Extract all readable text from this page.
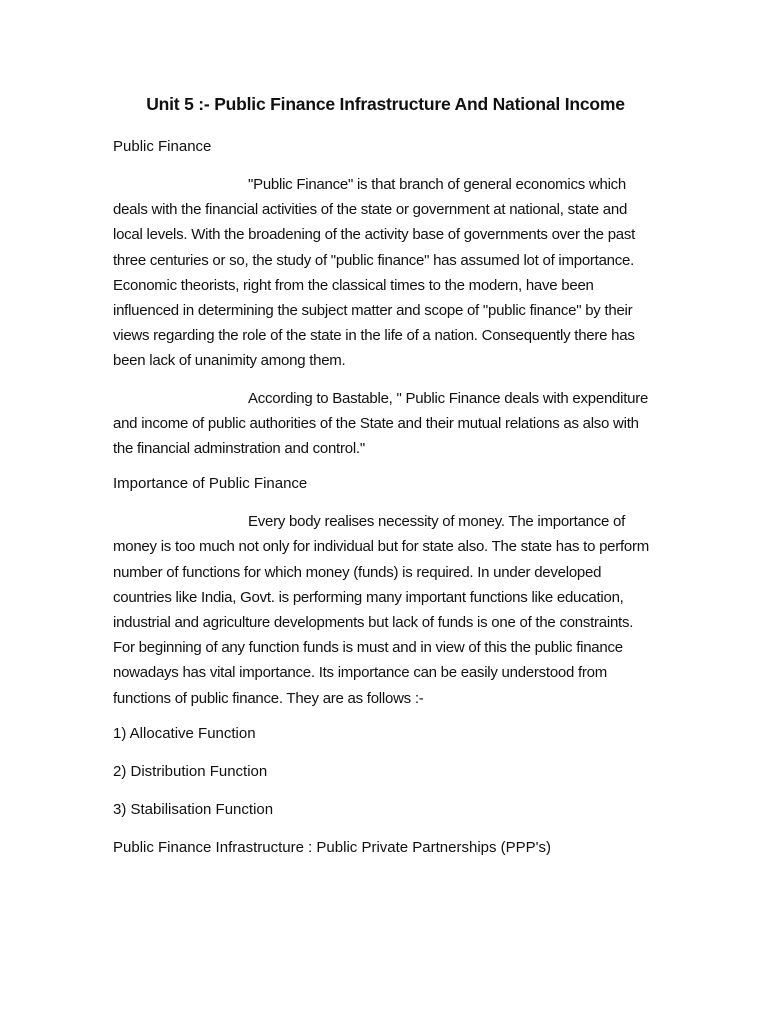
Unit 5 :- Public Finance Infrastructure And National Income
Public Finance

"Public Finance" is that branch of general economics which deals with the financial activities of the state or government at national, state and local levels. With the broadening of the activity base of governments over the past three centuries or so, the study of "public finance" has assumed lot of importance. Economic theorists, right from the classical times to the modern, have been influenced in determining the subject matter and scope of "public finance" by their views regarding the role of the state in the life of a nation. Consequently there has been lack of unanimity among them.

According to Bastable, " Public Finance deals with expenditure and income of public authorities of the State and their mutual relations as also with the financial adminstration and control."

Importance of Public Finance

Every body realises necessity of money. The importance of money is too much not only for individual but for state also. The state has to perform number of functions for which money (funds) is required. In under developed countries like India, Govt. is performing many important functions like education, industrial and agriculture developments but lack of funds is one of the constraints. For beginning of any function funds is must and in view of this the public finance nowadays has vital importance. Its importance can be easily understood from functions of public finance. They are as follows :-

1) Allocative Function
2) Distribution Function
3) Stabilisation Function
Public Finance Infrastructure : Public Private Partnerships (PPP's)
